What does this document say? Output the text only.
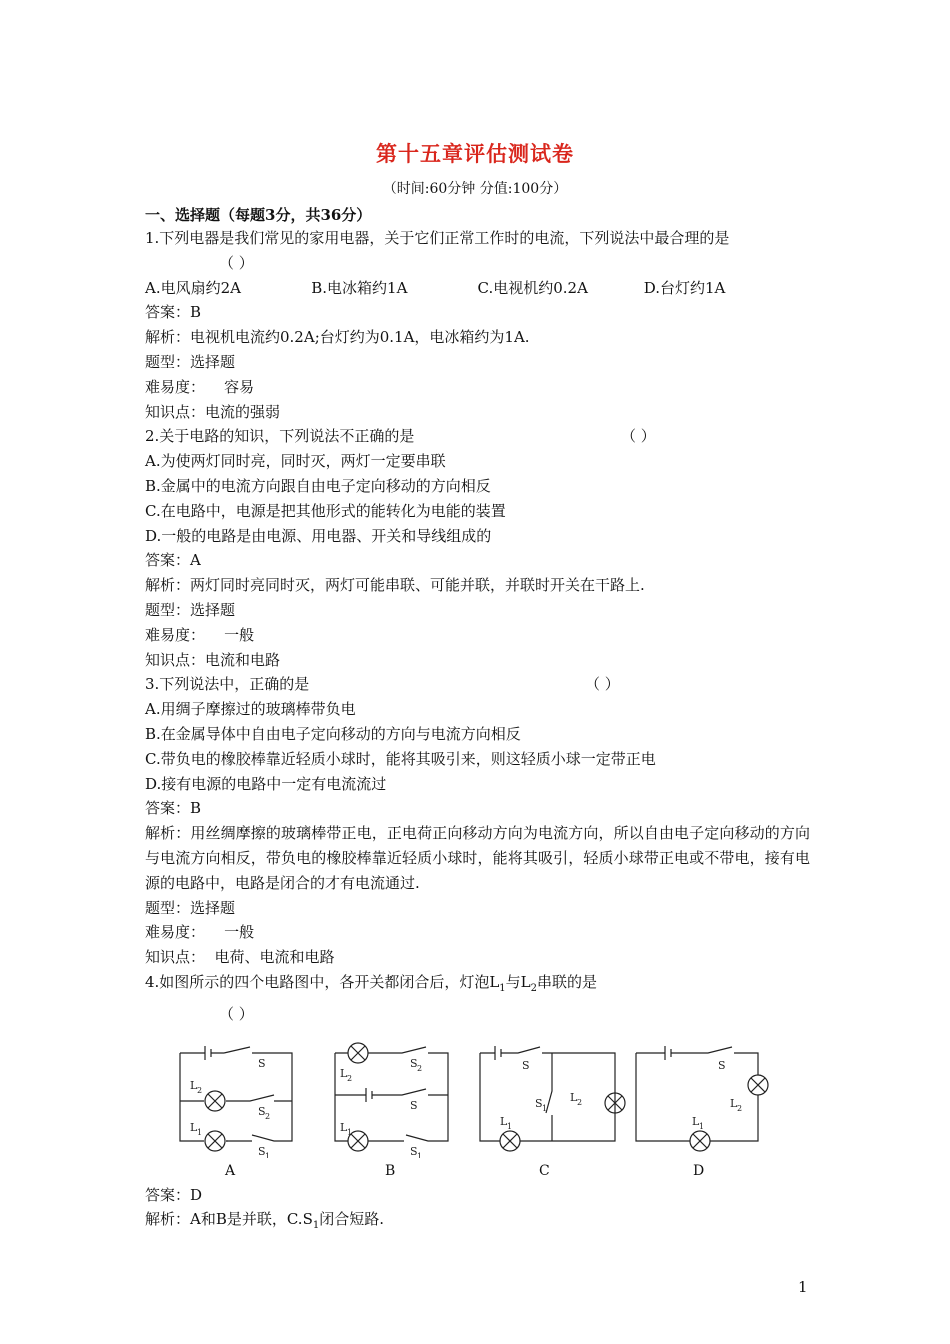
第十五章评估测试卷
（时间:60分钟 分值:100分）
一、选择题（每题3分，共36分）

1.下列电器是我们常见的家用电器，关于它们正常工作时的电流，下列说法中最合理的是

（ ）

A.电风扇约2A	B.电冰箱约1A	C.电视机约0.2A	D.台灯约1A

答案：B

解析：电视机电流约0.2A;台灯约为0.1A，电冰箱约为1A.

题型：选择题

难易度：    容易

知识点：电流的强弱

2.关于电路的知识，下列说法不正确的是	（ ）

A.为使两灯同时亮，同时灭，两灯一定要串联

B.金属中的电流方向跟自由电子定向移动的方向相反

C.在电路中，电源是把其他形式的能转化为电能的装置

D.一般的电路是由电源、用电器、开关和导线组成的

答案：A

解析：两灯同时亮同时灭，两灯可能串联、可能并联，并联时开关在干路上.

题型：选择题

难易度：    一般

知识点：电流和电路

3.下列说法中，正确的是	（ ）

A.用绸子摩擦过的玻璃棒带负电

B.在金属导体中自由电子定向移动的方向与电流方向相反

C.带负电的橡胶棒靠近轻质小球时，能将其吸引来，则这轻质小球一定带正电

D.接有电源的电路中一定有电流流过

答案：B

解析：用丝绸摩擦的玻璃棒带正电，正电荷正向移动方向为电流方向，所以自由电子定向移动的方向与电流方向相反，带负电的橡胶棒靠近轻质小球时，能将其吸引，轻质小球带正电或不带电，接有电源的电路中，电路是闭合的才有电流通过.

题型：选择题

难易度：    一般

知识点：  电荷、电流和电路

4.如图所示的四个电路图中，各开关都闭合后，灯泡$L_1$与$L_2$串联的是

（ ）

S
L 2
S 2
L 1
S 1
L 2
S 2
S
L 1
S 1
S
S 1
L 2
L 1
S
L 2
L 1
A	B	C	D

答案：D

解析：A和B是并联，$C.S_1$闭合短路.

1
